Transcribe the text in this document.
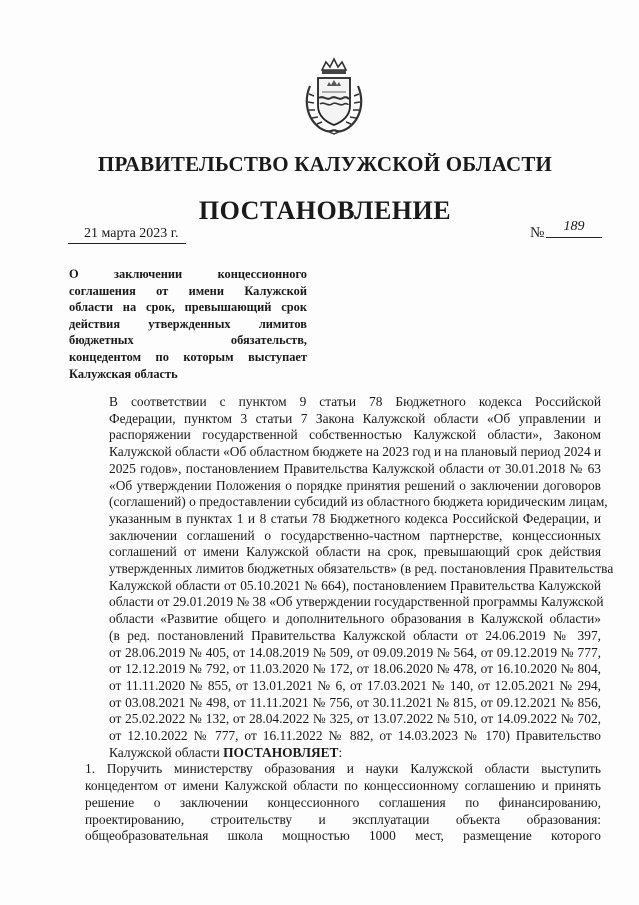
ПРАВИТЕЛЬСТВО КАЛУЖСКОЙ ОБЛАСТИ
ПОСТАНОВЛЕНИЕ
21 марта 2023 г.	№	189
О заключении концессионного
соглашения от имени Калужской
области на срок, превышающий срок
действия утвержденных лимитов
бюджетных обязательств,
концедентом по которым выступает
Калужская область
В соответствии с пунктом 9 статьи 78 Бюджетного кодекса Российской
Федерации, пунктом 3 статьи 7 Закона Калужской области «Об управлении и
распоряжении государственной собственностью Калужской области», Законом
Калужской области «Об областном бюджете на 2023 год и на плановый период 2024 и
2025 годов», постановлением Правительства Калужской области от 30.01.2018 № 63
«Об утверждении Положения о порядке принятия решений о заключении договоров
(соглашений) о предоставлении субсидий из областного бюджета юридическим лицам,
указанным в пунктах 1 и 8 статьи 78 Бюджетного кодекса Российской Федерации, и
заключении соглашений о государственно-частном партнерстве, концессионных
соглашений от имени Калужской области на срок, превышающий срок действия
утвержденных лимитов бюджетных обязательств» (в ред. постановления Правительства
Калужской области от 05.10.2021 № 664), постановлением Правительства Калужской
области от 29.01.2019 № 38 «Об утверждении государственной программы Калужской
области «Развитие общего и дополнительного образования в Калужской области»
(в ред. постановлений Правительства Калужской области от 24.06.2019 № 397,
от 28.06.2019 № 405, от 14.08.2019 № 509, от 09.09.2019 № 564, от 09.12.2019 № 777,
от 12.12.2019 № 792, от 11.03.2020 № 172, от 18.06.2020 № 478, от 16.10.2020 № 804,
от 11.11.2020 № 855, от 13.01.2021 № 6, от 17.03.2021 № 140, от 12.05.2021 № 294,
от 03.08.2021 № 498, от 11.11.2021 № 756, от 30.11.2021 № 815, от 09.12.2021 № 856,
от 25.02.2022 № 132, от 28.04.2022 № 325, от 13.07.2022 № 510, от 14.09.2022 № 702,
от 12.10.2022 № 777, от 16.11.2022 № 882, от 14.03.2023 № 170) Правительство
Калужской области ПОСТАНОВЛЯЕТ:
1. Поручить министерству образования и науки Калужской области выступить
концедентом от имени Калужской области по концессионному соглашению и принять
решение о заключении концессионного соглашения по финансированию,
проектированию, строительству и эксплуатации объекта образования:
общеобразовательная школа мощностью 1000 мест, размещение которого
